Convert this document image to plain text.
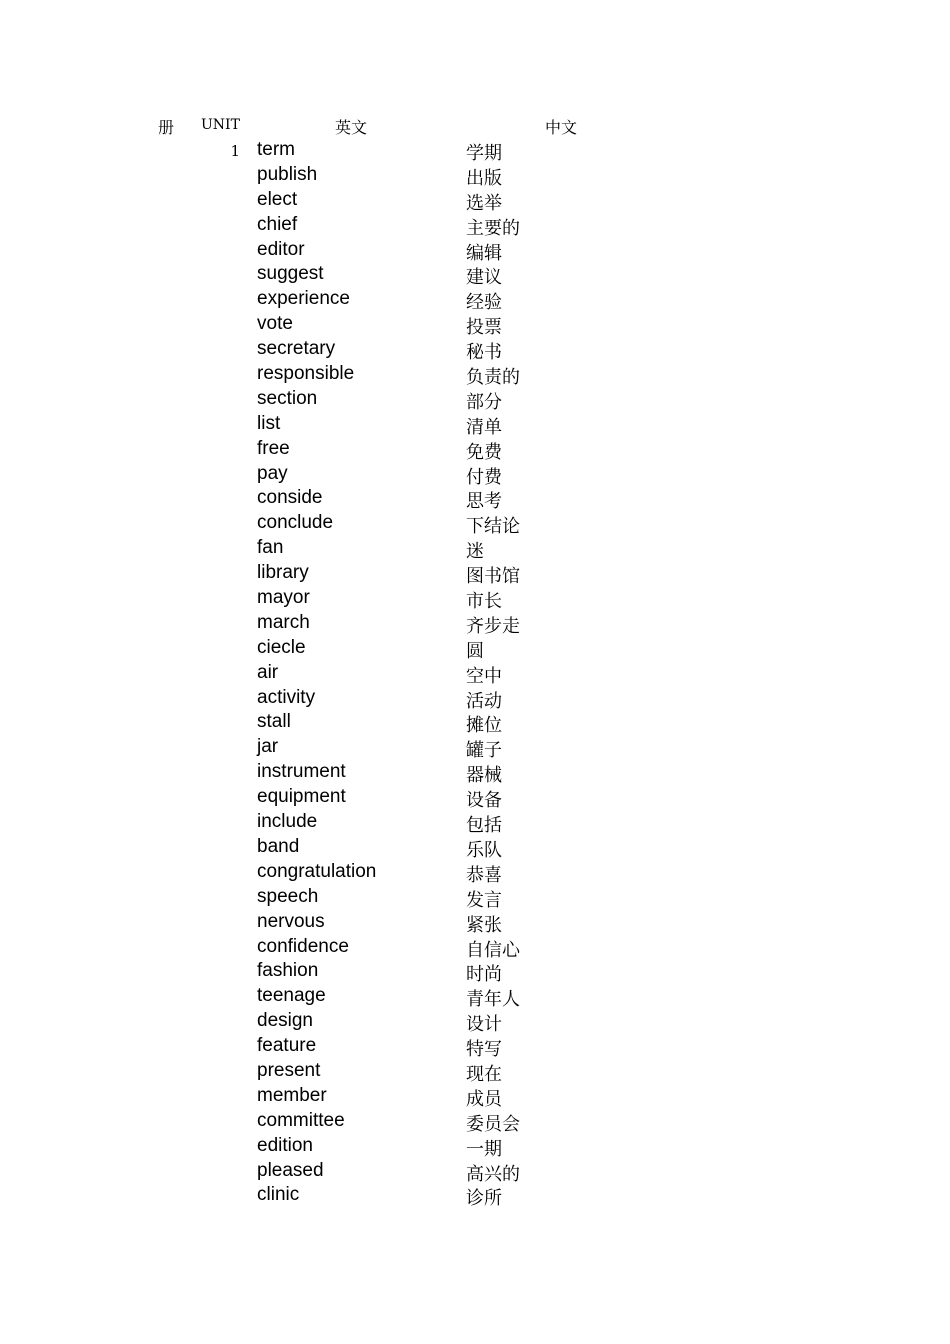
册 UNIT	英文	中文
1 term	学期
publish	出版
elect	选举
chief	主要的
editor	编辑
suggest	建议
experience	经验
vote	投票
secretary	秘书
responsible	负责的
section	部分
list	清单
free	免费
pay	付费
conside	思考
conclude	下结论
fan	迷
library	图书馆
mayor	市长
march	齐步走
ciecle	圆
air	空中
activity	活动
stall	摊位
jar	罐子
instrument	器械
equipment	设备
include	包括
band	乐队
congratulation	恭喜
speech	发言
nervous	紧张
confidence	自信心
fashion	时尚
teenage	青年人
design	设计
feature	特写
present	现在
member	成员
committee	委员会
edition	一期
pleased	高兴的
clinic	诊所
